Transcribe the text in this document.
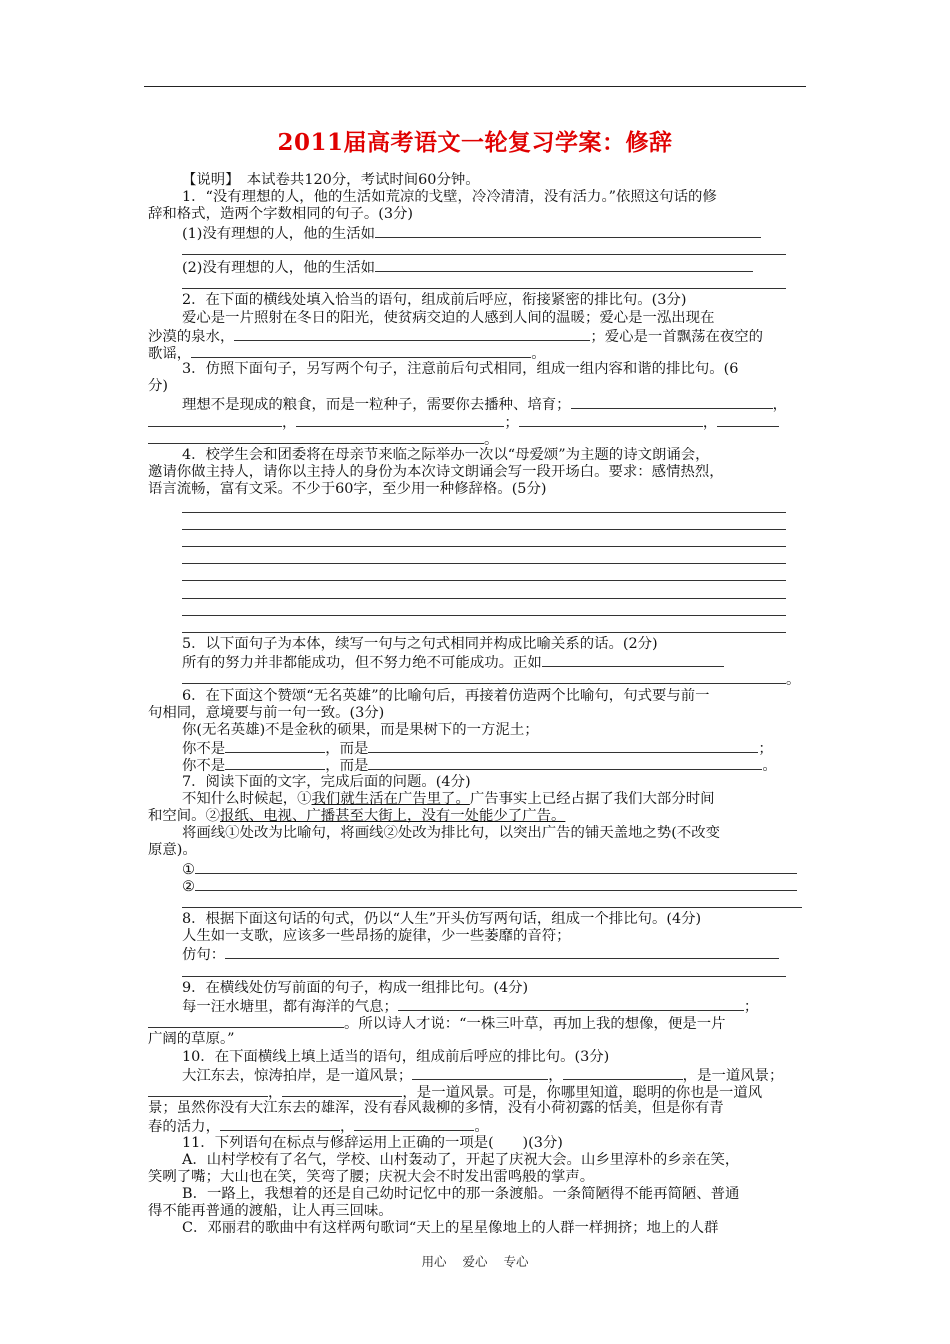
2011届高考语文一轮复习学案：修辞
【说明】　本试卷共120分，考试时间60分钟。
1．“没有理想的人，他的生活如荒凉的戈壁，冷冷清清，没有活力。”依照这句话的修
辞和格式，造两个字数相同的句子。(3分)
(1)没有理想的人，他的生活如
(2)没有理想的人，他的生活如
2．在下面的横线处填入恰当的语句，组成前后呼应，衔接紧密的排比句。(3分)
爱心是一片照射在冬日的阳光，使贫病交迫的人感到人间的温暖；爱心是一泓出现在
沙漠的泉水，	；爱心是一首飘荡在夜空的
歌谣，	。
3．仿照下面句子，另写两个句子，注意前后句式相同，组成一组内容和谐的排比句。(6
分)
理想不是现成的粮食，而是一粒种子，需要你去播种、培育；	，
，	；	，
。
4．校学生会和团委将在母亲节来临之际举办一次以“母爱颂”为主题的诗文朗诵会，
邀请你做主持人，请你以主持人的身份为本次诗文朗诵会写一段开场白。要求：感情热烈，
语言流畅，富有文采。不少于60字，至少用一种修辞格。(5分)
5．以下面句子为本体，续写一句与之句式相同并构成比喻关系的话。(2分)
所有的努力并非都能成功，但不努力绝不可能成功。正如
。
6．在下面这个赞颂“无名英雄”的比喻句后，再接着仿造两个比喻句，句式要与前一
句相同，意境要与前一句一致。(3分)
你(无名英雄)不是金秋的硕果，而是果树下的一方泥土；
你不是	，而是	；
你不是	，而是	。
7．阅读下面的文字，完成后面的问题。(4分)
不知什么时候起，①我们就生活在广告里了。广告事实上已经占据了我们大部分时间
和空间。②报纸、电视、广播甚至大街上，没有一处能少了广告。
将画线①处改为比喻句，将画线②处改为排比句，以突出广告的铺天盖地之势(不改变
原意)。
①
②
8．根据下面这句话的句式，仍以“人生”开头仿写两句话，组成一个排比句。(4分)
人生如一支歌，应该多一些昂扬的旋律，少一些萎靡的音符；
仿句：
9．在横线处仿写前面的句子，构成一组排比句。(4分)
每一汪水塘里，都有海洋的气息；	；
。所以诗人才说：“一株三叶草，再加上我的想像，便是一片
广阔的草原。”
10．在下面横线上填上适当的语句，组成前后呼应的排比句。(3分)
大江东去，惊涛拍岸，是一道风景；	，	，是一道风景；
，	，是一道风景。可是，你哪里知道，聪明的你也是一道风
景；虽然你没有大江东去的雄浑，没有春风裁柳的多情，没有小荷初露的恬美，但是你有青
春的活力，	，	。
11．下列语句在标点与修辞运用上正确的一项是(　　)(3分)
A．山村学校有了名气，学校、山村轰动了，开起了庆祝大会。山乡里淳朴的乡亲在笑，
笑咧了嘴；大山也在笑，笑弯了腰；庆祝大会不时发出雷鸣般的掌声。
B．一路上，我想着的还是自己幼时记忆中的那一条渡船。一条简陋得不能再简陋、普通
得不能再普通的渡船，让人再三回味。
C．邓丽君的歌曲中有这样两句歌词“天上的星星像地上的人群一样拥挤；地上的人群
用心 爱心 专心
